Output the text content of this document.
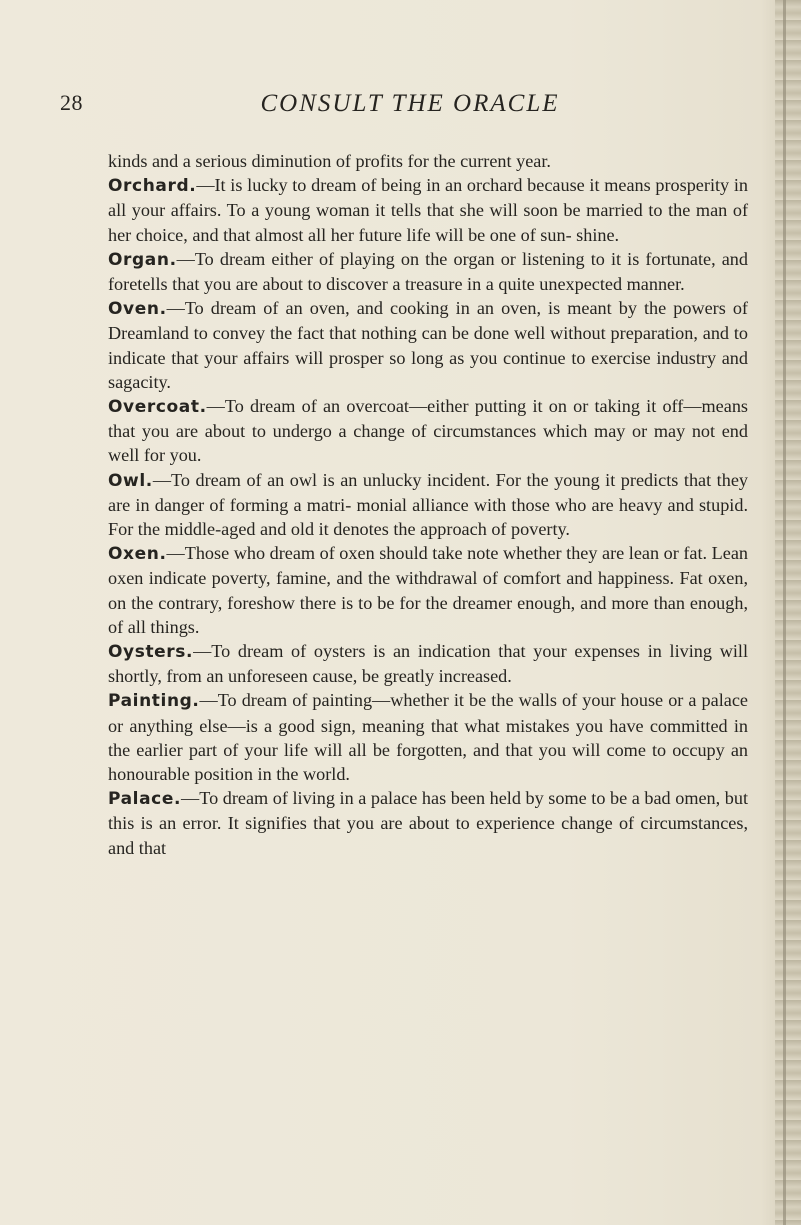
28	CONSULT THE ORACLE

kinds and a serious diminution of profits for the current year.

Orchard.—It is lucky to dream of being in an orchard because it means prosperity in all your affairs. To a young woman it tells that she will soon be married to the man of her choice, and that almost all her future life will be one of sun- shine.

Organ.—To dream either of playing on the organ or listening to it is fortunate, and foretells that you are about to discover a treasure in a quite unexpected manner.

Oven.—To dream of an oven, and cooking in an oven, is meant by the powers of Dreamland to convey the fact that nothing can be done well without preparation, and to indicate that your affairs will prosper so long as you continue to exercise industry and sagacity.

Overcoat.—To dream of an overcoat—either putting it on or taking it off—means that you are about to undergo a change of circumstances which may or may not end well for you.

Owl.—To dream of an owl is an unlucky incident. For the young it predicts that they are in danger of forming a matri- monial alliance with those who are heavy and stupid. For the middle-aged and old it denotes the approach of poverty.

Oxen.—Those who dream of oxen should take note whether they are lean or fat. Lean oxen indicate poverty, famine, and the withdrawal of comfort and happiness. Fat oxen, on the contrary, foreshow there is to be for the dreamer enough, and more than enough, of all things.

Oysters.—To dream of oysters is an indication that your expenses in living will shortly, from an unforeseen cause, be greatly increased.

Painting.—To dream of painting—whether it be the walls of your house or a palace or anything else—is a good sign, meaning that what mistakes you have committed in the earlier part of your life will all be forgotten, and that you will come to occupy an honourable position in the world.

Palace.—To dream of living in a palace has been held by some to be a bad omen, but this is an error. It signifies that you are about to experience change of circumstances, and that
